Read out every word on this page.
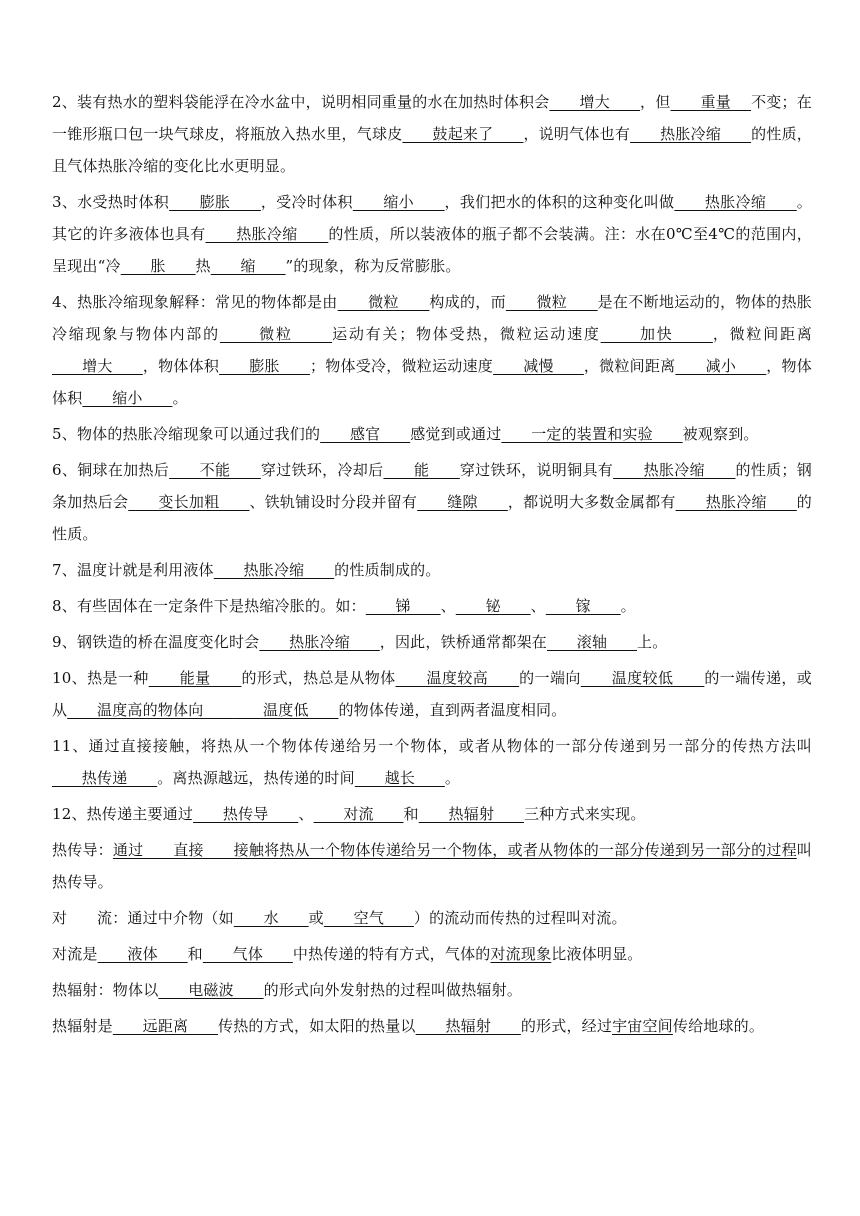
2、装有热水的塑料袋能浮在冷水盆中，说明相同重量的水在加热时体积会      增大      ，但      重量    不变；在一锥形瓶口包一块气球皮，将瓶放入热水里，气球皮      鼓起来了      ，说明气体也有      热胀冷缩      的性质，且气体热胀冷缩的变化比水更明显。

3、水受热时体积      膨胀      ，受冷时体积      缩小      ，我们把水的体积的这种变化叫做      热胀冷缩      。其它的许多液体也具有      热胀冷缩      的性质，所以装液体的瓶子都不会装满。注：水在0℃至4℃的范围内，呈现出“冷      胀      热      缩      ”的现象，称为反常膨胀。

4、热胀冷缩现象解释：常见的物体都是由      微粒      构成的，而      微粒      是在不断地运动的，物体的热胀冷缩现象与物体内部的      微粒      运动有关；物体受热，微粒运动速度      加快      ，微粒间距离      增大      ，物体体积      膨胀      ；物体受冷，微粒运动速度      减慢      ，微粒间距离      减小      ，物体体积      缩小      。

5、物体的热胀冷缩现象可以通过我们的      感官      感觉到或通过      一定的装置和实验      被观察到。

6、铜球在加热后      不能      穿过铁环，冷却后      能      穿过铁环，说明铜具有      热胀冷缩      的性质；钢条加热后会      变长加粗      、铁轨铺设时分段并留有      缝隙      ，都说明大多数金属都有      热胀冷缩      的性质。

7、温度计就是利用液体      热胀冷缩      的性质制成的。

8、有些固体在一定条件下是热缩冷胀的。如：      锑      、      铋      、      镓      。

9、钢铁造的桥在温度变化时会      热胀冷缩      ，因此，铁桥通常都架在      滚轴      上。

10、热是一种      能量      的形式，热总是从物体      温度较高      的一端向      温度较低      的一端传递，或从      温度高的物体向            温度低      的物体传递，直到两者温度相同。

11、通过直接接触，将热从一个物体传递给另一个物体，或者从物体的一部分传递到另一部分的传热方法叫      热传递      。离热源越远，热传递的时间      越长      。

12、热传递主要通过      热传导      、      对流      和      热辐射      三种方式来实现。

热传导：通过      直接      接触将热从一个物体传递给另一个物体，或者从物体的一部分传递到另一部分的过程叫热传导。

对      流：通过中介物（如      水      或      空气      ）的流动而传热的过程叫对流。

对流是      液体      和      气体      中热传递的特有方式，气体的对流现象比液体明显。

热辐射：物体以      电磁波      的形式向外发射热的过程叫做热辐射。

热辐射是      远距离      传热的方式，如太阳的热量以      热辐射      的形式，经过宇宙空间传给地球的。
